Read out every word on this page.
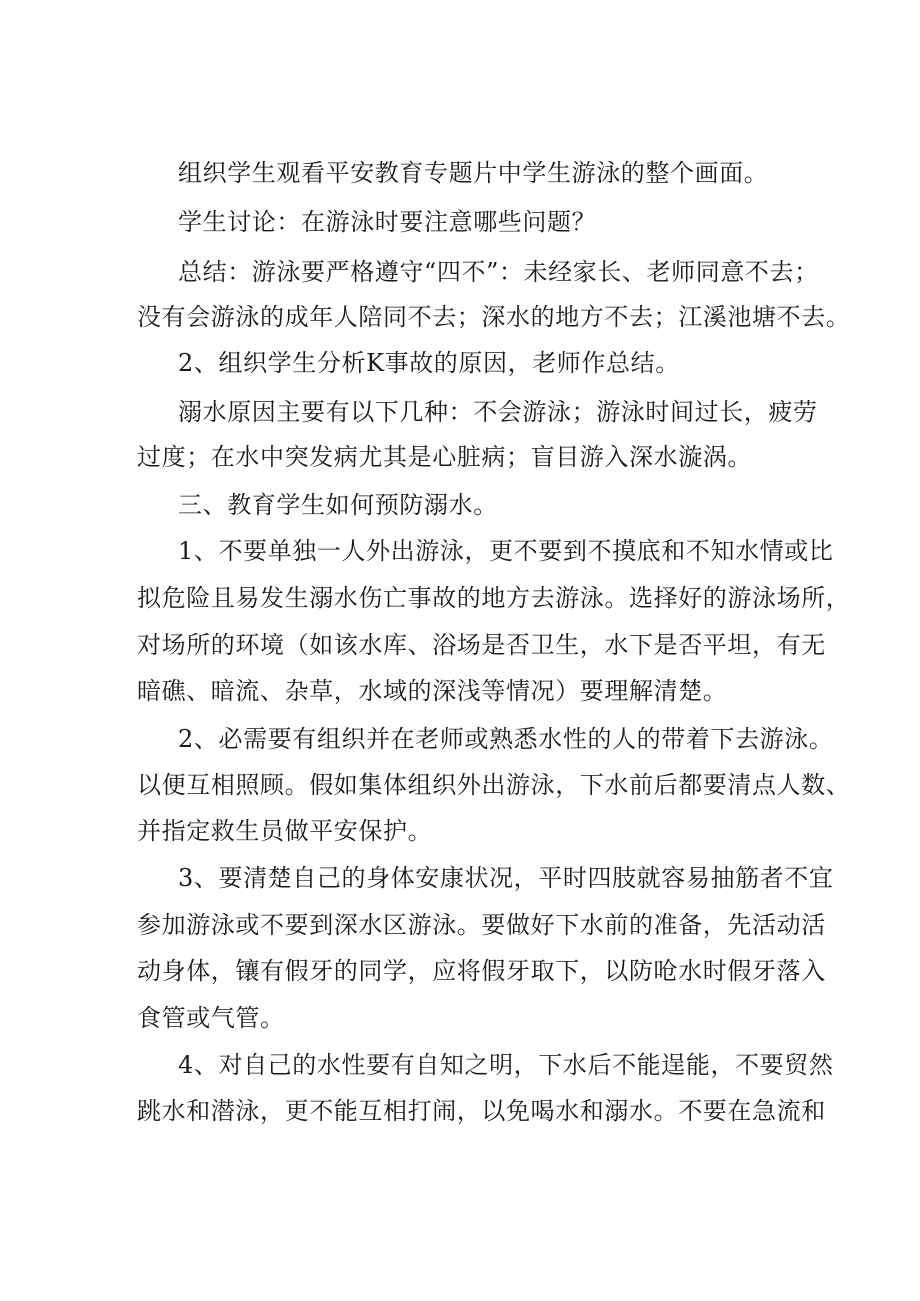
组织学生观看平安教育专题片中学生游泳的整个画面。
学生讨论：在游泳时要注意哪些问题？
总结：游泳要严格遵守“四不”：未经家长、老师同意不去；
没有会游泳的成年人陪同不去；深水的地方不去；江溪池塘不去。
2、组织学生分析K事故的原因，老师作总结。
溺水原因主要有以下几种：不会游泳；游泳时间过长，疲劳
过度；在水中突发病尤其是心脏病；盲目游入深水漩涡。
三、教育学生如何预防溺水。
1、不要单独一人外出游泳，更不要到不摸底和不知水情或比
拟危险且易发生溺水伤亡事故的地方去游泳。选择好的游泳场所，
对场所的环境（如该水库、浴场是否卫生，水下是否平坦，有无
暗礁、暗流、杂草，水域的深浅等情况）要理解清楚。
2、必需要有组织并在老师或熟悉水性的人的带着下去游泳。
以便互相照顾。假如集体组织外出游泳，下水前后都要清点人数、
并指定救生员做平安保护。
3、要清楚自己的身体安康状况，平时四肢就容易抽筋者不宜
参加游泳或不要到深水区游泳。要做好下水前的准备，先活动活
动身体，镶有假牙的同学，应将假牙取下，以防呛水时假牙落入
食管或气管。
4、对自己的水性要有自知之明，下水后不能逞能，不要贸然
跳水和潜泳，更不能互相打闹，以免喝水和溺水。不要在急流和
